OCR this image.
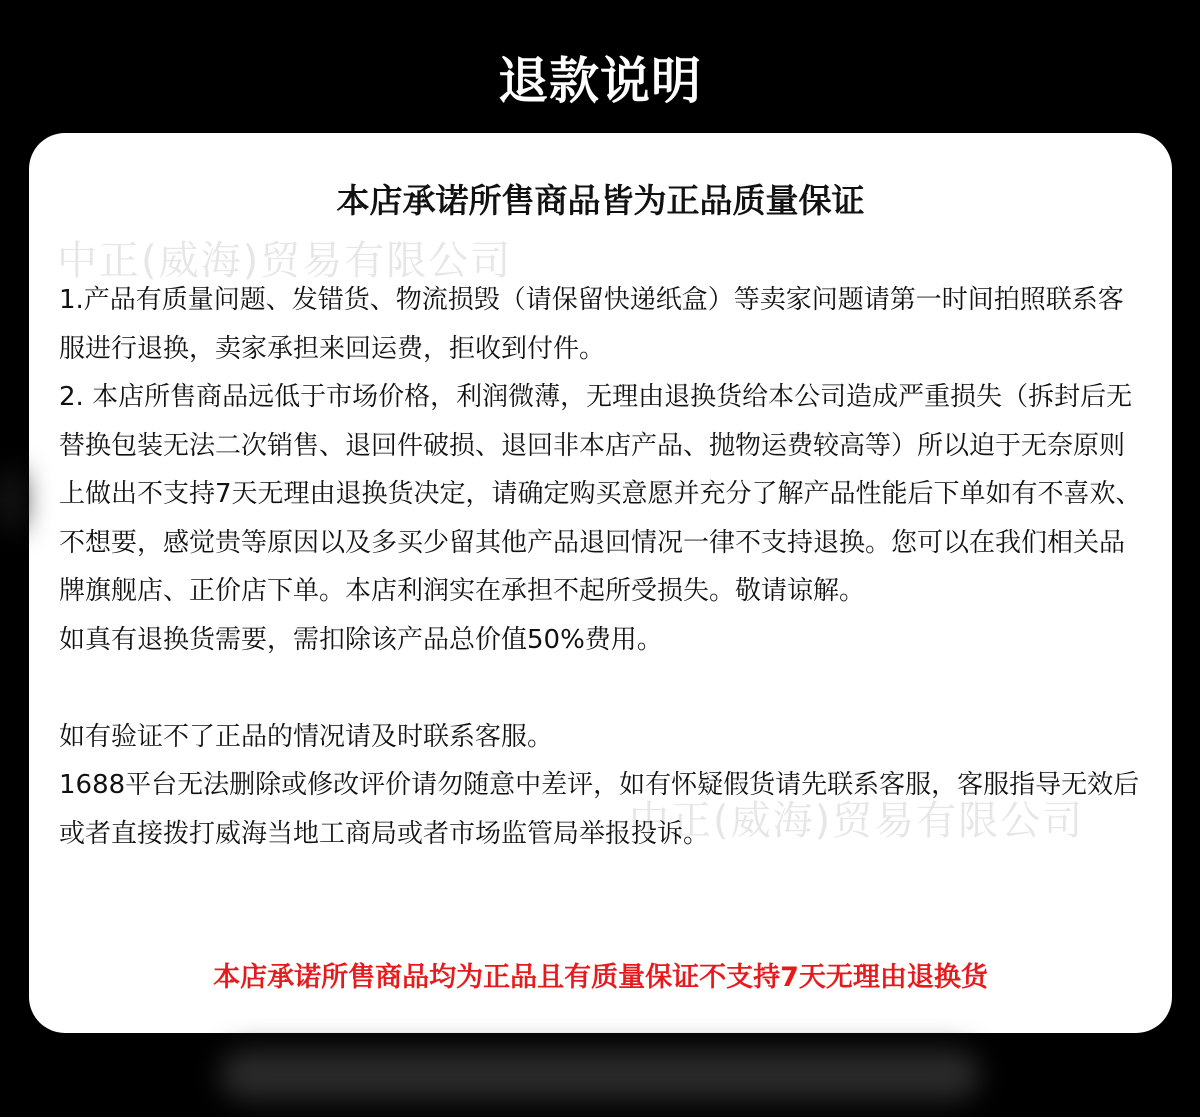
退款说明
中正(威海)贸易有限公司
中正(威海)贸易有限公司
本店承诺所售商品皆为正品质量保证

1.产品有质量问题、发错货、物流损毁（请保留快递纸盒）等卖家问题请第一时间拍照联系客服进行退换，卖家承担来回运费，拒收到付件。

2. 本店所售商品远低于市场价格，利润微薄，无理由退换货给本公司造成严重损失（拆封后无替换包装无法二次销售、退回件破损、退回非本店产品、抛物运费较高等）所以迫于无奈原则上做出不支持7天无理由退换货决定，请确定购买意愿并充分了解产品性能后下单如有不喜欢、不想要，感觉贵等原因以及多买少留其他产品退回情况一律不支持退换。您可以在我们相关品牌旗舰店、正价店下单。本店利润实在承担不起所受损失。敬请谅解。

如真有退换货需要，需扣除该产品总价值50%费用。

如有验证不了正品的情况请及时联系客服。

1688平台无法删除或修改评价请勿随意中差评，如有怀疑假货请先联系客服，客服指导无效后或者直接拨打威海当地工商局或者市场监管局举报投诉。

本店承诺所售商品均为正品且有质量保证不支持7天无理由退换货
